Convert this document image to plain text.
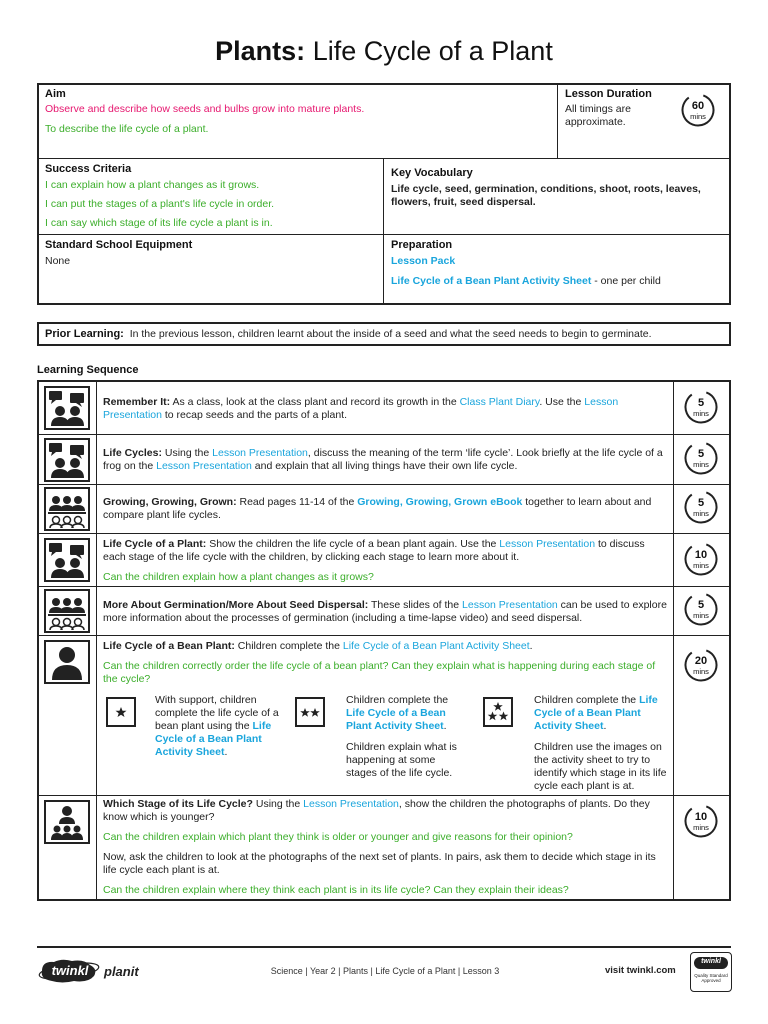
Plants: Life Cycle of a Plant
Aim
Observe and describe how seeds and bulbs grow into mature plants.
To describe the life cycle of a plant.
Lesson Duration
All timings are approximate.
60
mins
Success Criteria
I can explain how a plant changes as it grows.
I can put the stages of a plant's life cycle in order.
I can say which stage of its life cycle a plant is in.
Key Vocabulary
Life cycle, seed, germination, conditions, shoot, roots, leaves, flowers, fruit, seed dispersal.
Standard School Equipment
None
Preparation
Lesson Pack
Life Cycle of a Bean Plant Activity Sheet - one per child
Prior Learning: In the previous lesson, children learnt about the inside of a seed and what the seed needs to begin to germinate.
Learning Sequence

Remember It: As a class, look at the class plant and record its growth in the Class Plant Diary. Use the Lesson Presentation to recap seeds and the parts of a plant.

5
mins

Life Cycles: Using the Lesson Presentation, discuss the meaning of the term ‘life cycle’. Look briefly at the life cycle of a frog on the Lesson Presentation and explain that all living things have their own life cycle.

5
mins

Growing, Growing, Grown: Read pages 11-14 of the Growing, Growing, Grown eBook together to learn about and compare plant life cycles.

5
mins

Life Cycle of a Plant: Show the children the life cycle of a bean plant again. Use the Lesson Presentation to discuss each stage of the life cycle with the children, by clicking each stage to learn more about it.

Can the children explain how a plant changes as it grows?

10
mins

More About Germination/More About Seed Dispersal: These slides of the Lesson Presentation can be used to explore more information about the processes of germination (including a time-lapse video) and seed dispersal.

5
mins

Life Cycle of a Bean Plant: Children complete the Life Cycle of a Bean Plant Activity Sheet.

Can the children correctly order the life cycle of a bean plant? Can they explain what is happening during each stage of the cycle?

20
mins
With support, children complete the life cycle of a bean plant using the Life Cycle of a Bean Plant Activity Sheet.
Children complete the Life Cycle of a Bean Plant Activity Sheet.
Children explain what is happening at some stages of the life cycle.
Children complete the Life Cycle of a Bean Plant Activity Sheet.
Children use the images on the activity sheet to try to identify which stage in its life cycle each plant is at.

Which Stage of its Life Cycle? Using the Lesson Presentation, show the children the photographs of plants. Do they know which is younger?

Can the children explain which plant they think is older or younger and give reasons for their opinion?

Now, ask the children to look at the photographs of the next set of plants. In pairs, ask them to decide which stage in its life cycle each plant is at.

Can the children explain where they think each plant is in its life cycle? Can they explain their ideas?

10
mins
twinkl planit	Science | Year 2 | Plants | Life Cycle of a Plant | Lesson 3	visit twinkl.com
twinkl
Quality Standard Approved
